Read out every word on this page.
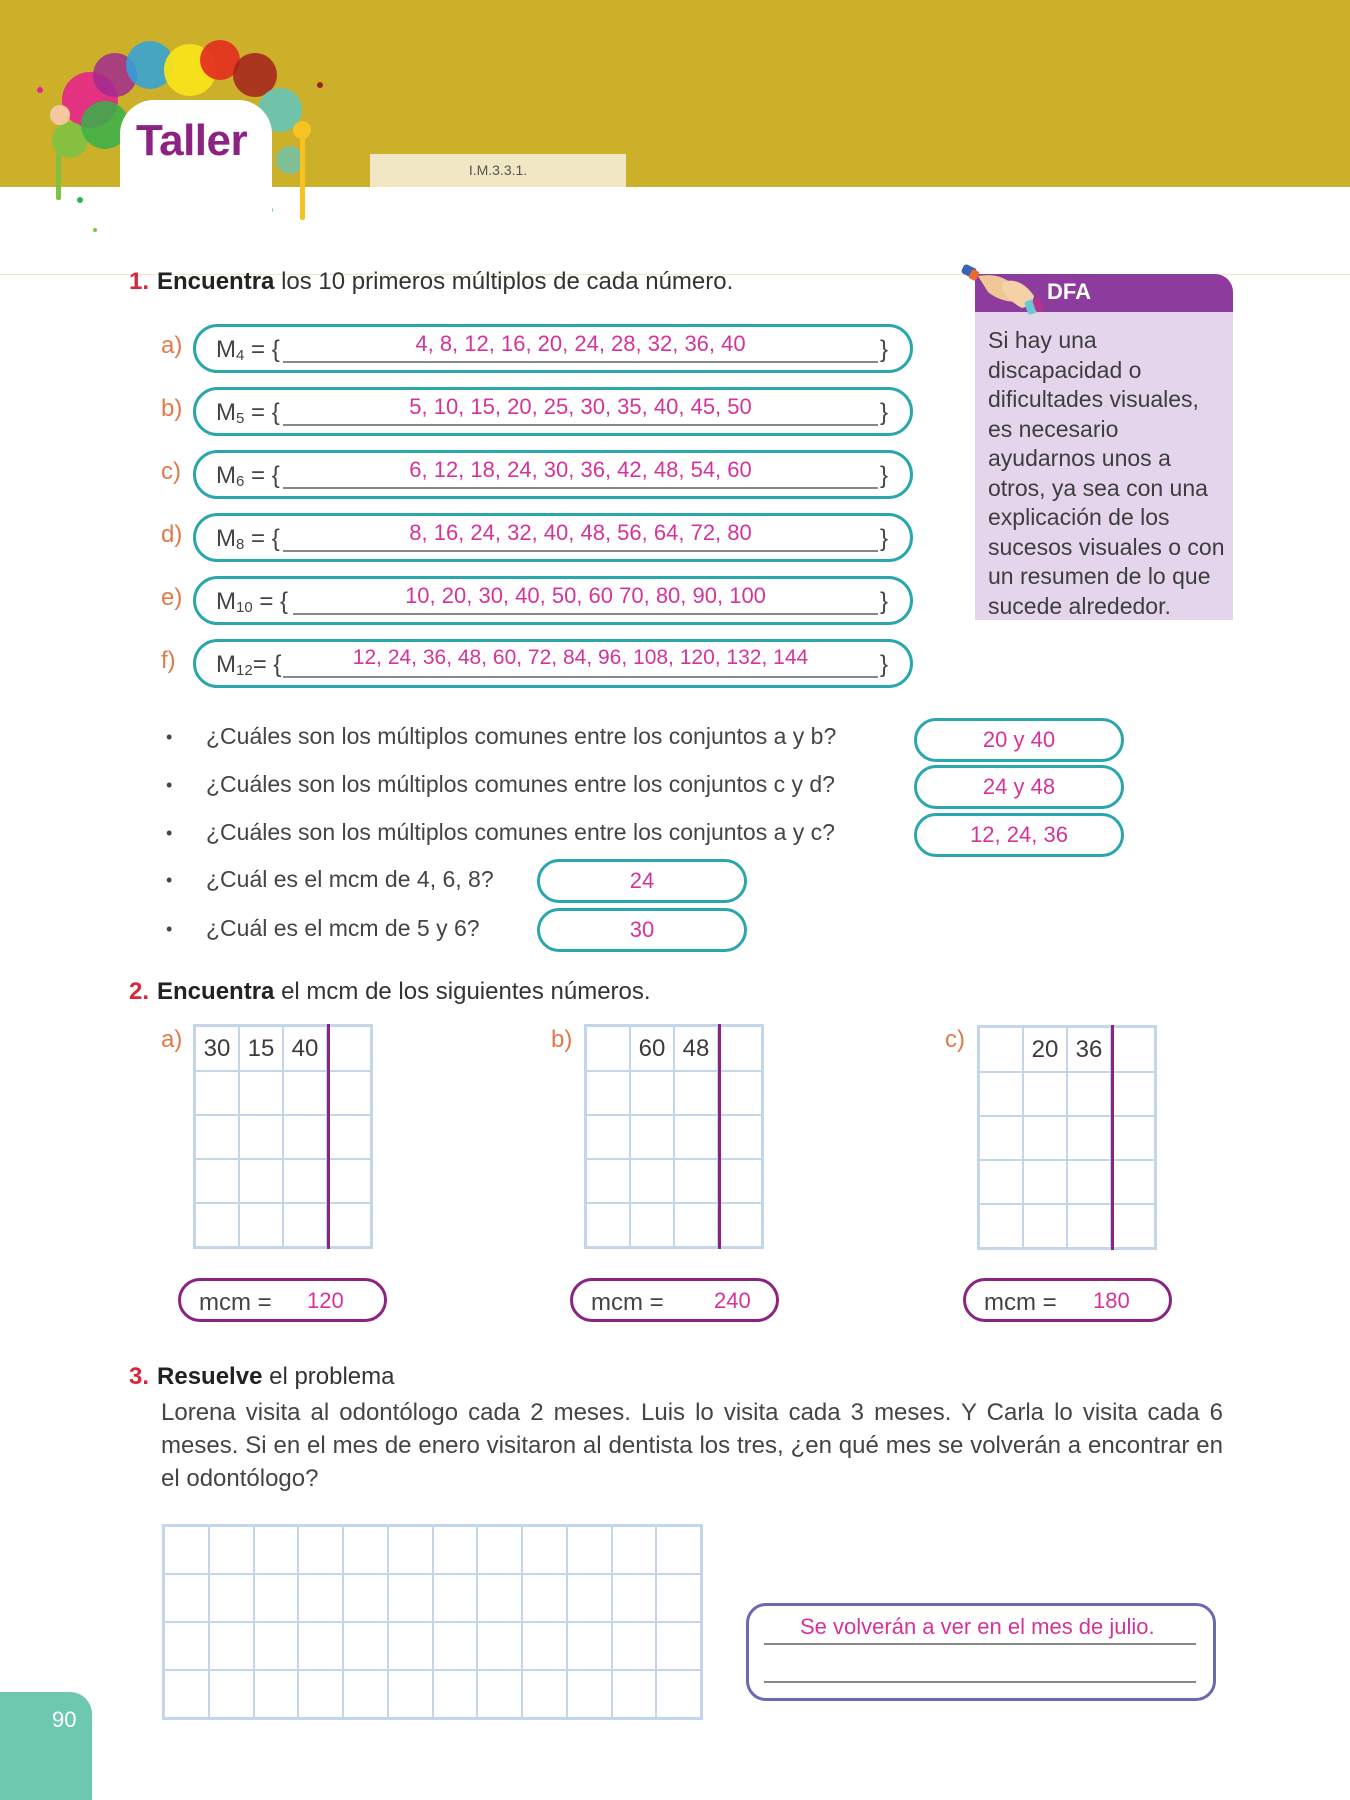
Taller
I.M.3.3.1.
1. Encuentra los 10 primeros múltiplos de cada número.
a) $M_4$ = {	4, 8, 12, 16, 20, 24, 28, 32, 36, 40	}
b) $M_5$ = {	5, 10, 15, 20, 25, 30, 35, 40, 45, 50	}
c) $M_6$ = {	6, 12, 18, 24, 30, 36, 42, 48, 54, 60	}
d) $M_8$ = {	8, 16, 24, 32, 40, 48, 56, 64, 72, 80	}
e) $M_{10}$ = {	10, 20, 30, 40, 50, 60 70, 80, 90, 100	}
f) $M_{12}=$ {	12, 24, 36, 48, 60, 72, 84, 96, 108, 120, 132, 144	}
DFA
Si hay una discapacidad o dificultades visuales, es necesario ayudarnos unos a otros, ya sea con una explicación de los sucesos visuales o con un resumen de lo que sucede alrededor.
• ¿Cuáles son los múltiplos comunes entre los conjuntos a y b?	20 y 40
• ¿Cuáles son los múltiplos comunes entre los conjuntos c y d?	24 y 48
• ¿Cuáles son los múltiplos comunes entre los conjuntos a y c?	12, 24, 36
• ¿Cuál es el mcm de 4, 6, 8?	24
• ¿Cuál es el mcm de 5 y 6?	30
2. Encuentra el mcm de los siguientes números.
a) 30 15 40
mcm = 120
b)	60 48
mcm = 240
c)	20 36
mcm = 180
3. Resuelve el problema
Lorena visita al odontólogo cada 2 meses. Luis lo visita cada 3 meses. Y Carla lo visita cada 6 meses. Si en el mes de enero visitaron al dentista los tres, ¿en qué mes se volverán a encontrar en el odontólogo?
Se volverán a ver en el mes de julio.
90
